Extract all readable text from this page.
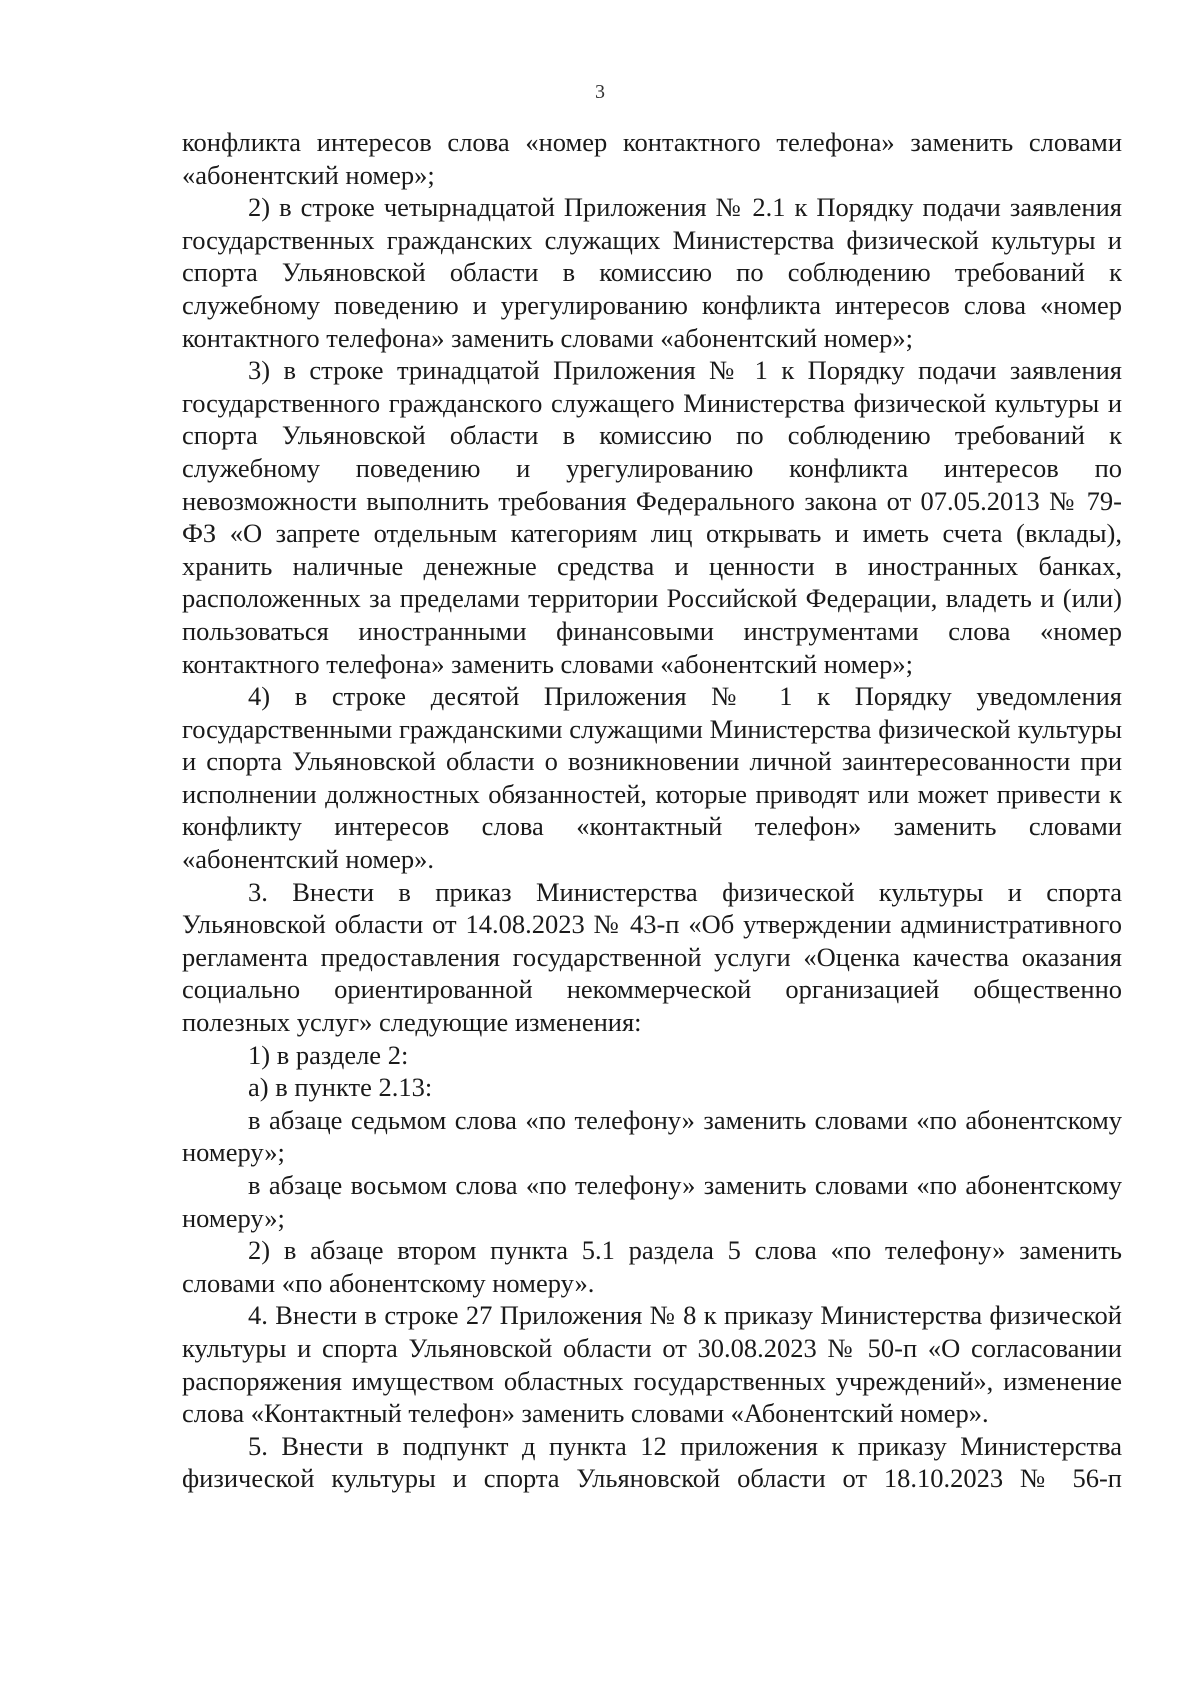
3

конфликта интересов слова «номер контактного телефона» заменить словами «абонентский номер»;

2) в строке четырнадцатой Приложения № 2.1 к Порядку подачи заявления государственных гражданских служащих Министерства физической культуры и спорта Ульяновской области в комиссию по соблюдению требований к служебному поведению и урегулированию конфликта интересов слова «номер контактного телефона» заменить словами «абонентский номер»;

3) в строке тринадцатой Приложения № 1 к Порядку подачи заявления государственного гражданского служащего Министерства физической культуры и спорта Ульяновской области в комиссию по соблюдению требований к служебному поведению и урегулированию конфликта интересов по невозможности выполнить требования Федерального закона от 07.05.2013 № 79-ФЗ «О запрете отдельным категориям лиц открывать и иметь счета (вклады), хранить наличные денежные средства и ценности в иностранных банках, расположенных за пределами территории Российской Федерации, владеть и (или) пользоваться иностранными финансовыми инструментами слова «номер контактного телефона» заменить словами «абонентский номер»;

4) в строке десятой Приложения № 1 к Порядку уведомления государственными гражданскими служащими Министерства физической культуры и спорта Ульяновской области о возникновении личной заинтересованности при исполнении должностных обязанностей, которые приводят или может привести к конфликту интересов слова «контактный телефон» заменить словами «абонентский номер».

3. Внести в приказ Министерства физической культуры и спорта Ульяновской области от 14.08.2023 № 43-п «Об утверждении административного регламента предоставления государственной услуги «Оценка качества оказания социально ориентированной некоммерческой организацией общественно полезных услуг» следующие изменения:

1) в разделе 2:

а) в пункте 2.13:

в абзаце седьмом слова «по телефону» заменить словами «по абонентскому номеру»;

в абзаце восьмом слова «по телефону» заменить словами «по абонентскому номеру»;

2) в абзаце втором пункта 5.1 раздела 5 слова «по телефону» заменить словами «по абонентскому номеру».

4. Внести в строке 27 Приложения № 8 к приказу Министерства физической культуры и спорта Ульяновской области от 30.08.2023 № 50-п «О согласовании распоряжения имуществом областных государственных учреждений», изменение слова «Контактный телефон» заменить словами «Абонентский номер».

5. Внести в подпункт д пункта 12 приложения к приказу Министерства физической культуры и спорта Ульяновской области от 18.10.2023 № 56-п
